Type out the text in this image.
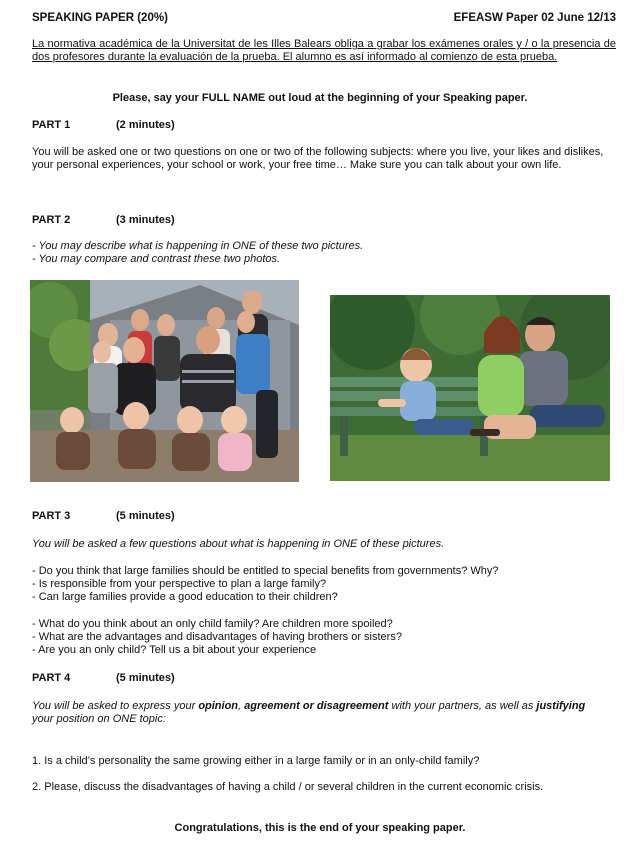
SPEAKING PAPER (20%)	EFEASW Paper 02 June 12/13
La normativa académica de la Universitat de les Illes Balears obliga a grabar los exámenes orales y / o la presencia de dos profesores durante la evaluación de la prueba. El alumno es así informado al comienzo de esta prueba.
Please, say your FULL NAME out loud at the beginning of your Speaking paper.
PART 1	(2 minutes)
You will be asked one or two questions on one or two of the following subjects: where you live, your likes and dislikes, your personal experiences, your school or work, your free time… Make sure you can talk about your own life.
PART 2	(3 minutes)
- You may describe what is happening in ONE of these two pictures.
- You may compare and contrast these two photos.
PART 3	(5 minutes)
You will be asked a few questions about what is happening in ONE of these pictures.
- Do you think that large families should be entitled to special benefits from governments? Why?
- Is responsible from your perspective to plan a large family?
- Can large families provide a good education to their children?
- What do you think about an only child family? Are children more spoiled?
- What are the advantages and disadvantages of having brothers or sisters?
- Are you an only child? Tell us a bit about your experience
PART 4	(5 minutes)
You will be asked to express your opinion, agreement or disagreement with your partners, as well as justifying your position on ONE topic:
1. Is a child’s personality the same growing either in a large family or in an only-child family?
2. Please, discuss the disadvantages of having a child / or several children in the current economic crisis.
Congratulations, this is the end of your speaking paper.
